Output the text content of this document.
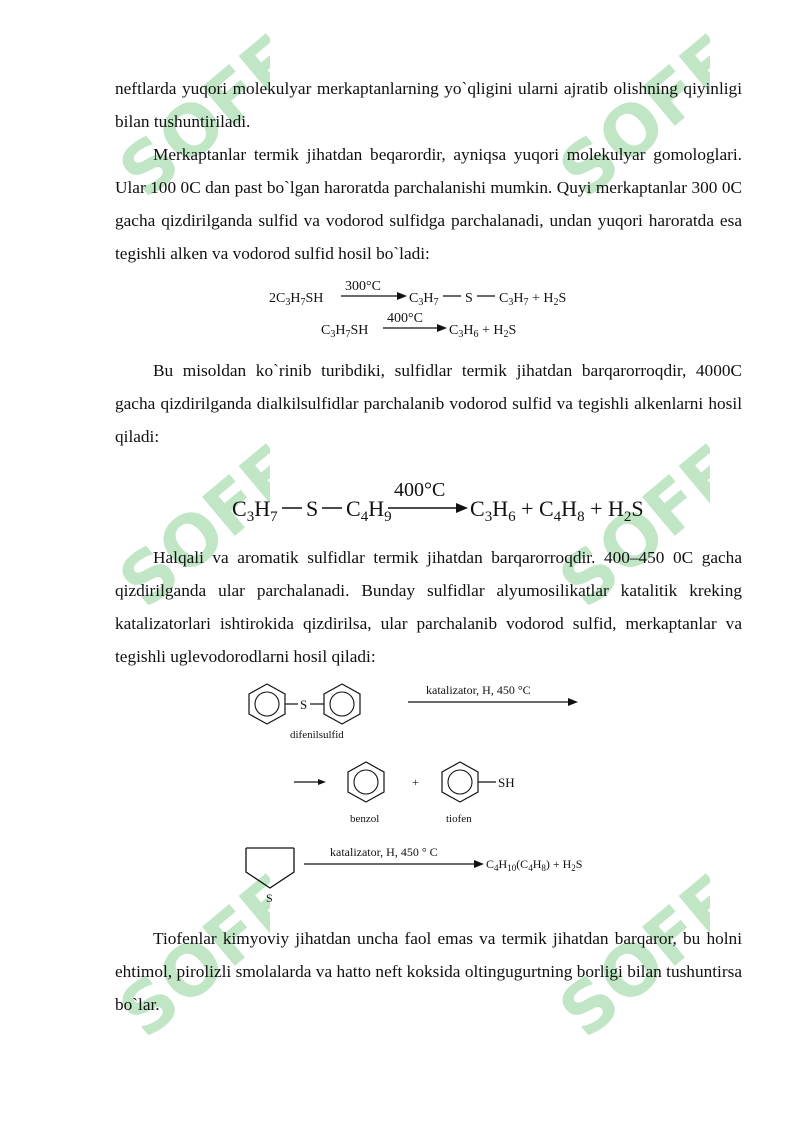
SOFF	SOFF
SOFF	SOFF
SOFF	SOFF

neftlarda yuqori molekulyar merkaptanlarning yo`qligini ularni ajratib olishning qiyinligi bilan tushuntiriladi.

Merkaptanlar termik jihatdan beqarordir, ayniqsa yuqori molekulyar gomologlari. Ular 100 0C dan past bo`lgan haroratda parchalanishi mumkin. Quyi merkaptanlar 300 0C gacha qizdirilganda sulfid va vodorod sulfidga parchalanadi, undan yuqori haroratda esa tegishli alken va vodorod sulfid hosil bo`ladi:

$2C_3H_7SH$
300°C
$C_3H_7$ S $C_3H_7 + H_2S$
$C_3H_7SH$
400°C
$C_3H_6 + H_2S$

Bu misoldan ko`rinib turibdiki, sulfidlar termik jihatdan barqarorroqdir, 4000C gacha qizdirilganda dialkilsulfidlar parchalanib vodorod sulfid va tegishli alkenlarni hosil qiladi:

$C_3H_7$ S $C_4H_9$
400°C
$C_3H_6 + C_4H_8 + H_2S$

Halqali va aromatik sulfidlar termik jihatdan barqarorroqdir. 400–450 0C gacha qizdirilganda ular parchalanadi. Bunday sulfidlar alyumosilikatlar katalitik kreking katalizatorlari ishtirokida qizdirilsa, ular parchalanib vodorod sulfid, merkaptanlar va tegishli uglevodorodlarni hosil qiladi:

S
difenilsulfid
katalizator, H, 450 °C
benzol
+	SH
tiofen
S
katalizator, H, 450 ° C
$C_4H_{10}(C_4H_8) + H_2S$

Tiofenlar kimyoviy jihatdan uncha faol emas va termik jihatdan barqaror, bu holni ehtimol, pirolizli smolalarda va hatto neft koksida oltingugurtning borligi bilan tushuntirsa bo`lar.
